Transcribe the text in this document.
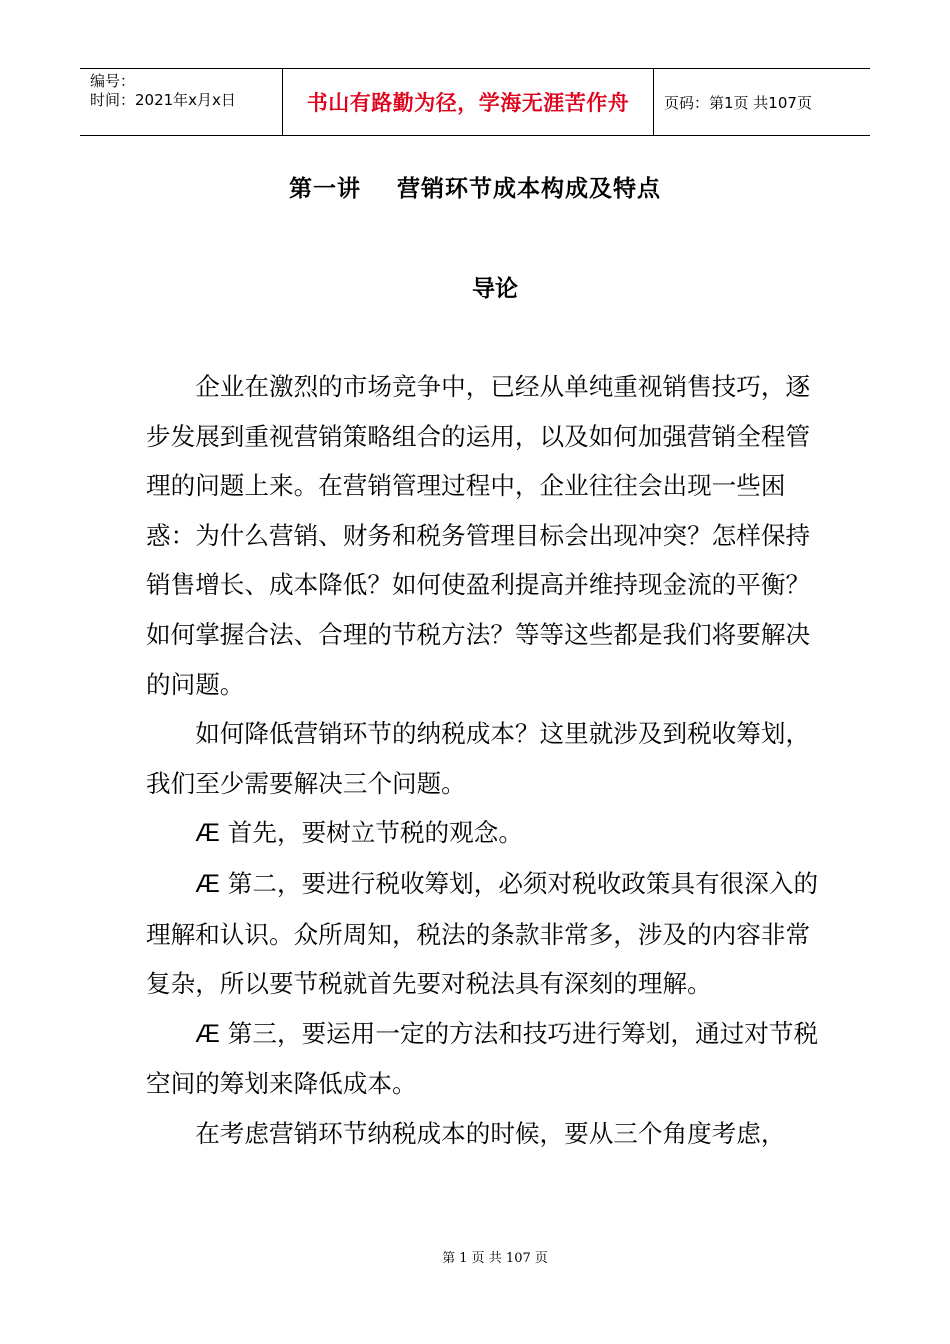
编号：
时间：2021年x月x日	书山有路勤为径，学海无涯苦作舟	页码：第1页 共107页
第一讲    营销环节成本构成及特点
导论

企业在激烈的市场竞争中，已经从单纯重视销售技巧，逐步发展到重视营销策略组合的运用，以及如何加强营销全程管理的问题上来。在营销管理过程中，企业往往会出现一些困惑：为什么营销、财务和税务管理目标会出现冲突？怎样保持销售增长、成本降低？如何使盈利提高并维持现金流的平衡？如何掌握合法、合理的节税方法？等等这些都是我们将要解决的问题。

如何降低营销环节的纳税成本？这里就涉及到税收筹划，我们至少需要解决三个问题。

Æ 首先，要树立节税的观念。

Æ 第二，要进行税收筹划，必须对税收政策具有很深入的理解和认识。众所周知，税法的条款非常多，涉及的内容非常复杂，所以要节税就首先要对税法具有深刻的理解。

Æ 第三，要运用一定的方法和技巧进行筹划，通过对节税空间的筹划来降低成本。

在考虑营销环节纳税成本的时候，要从三个角度考虑，

第 1 页 共 107 页
